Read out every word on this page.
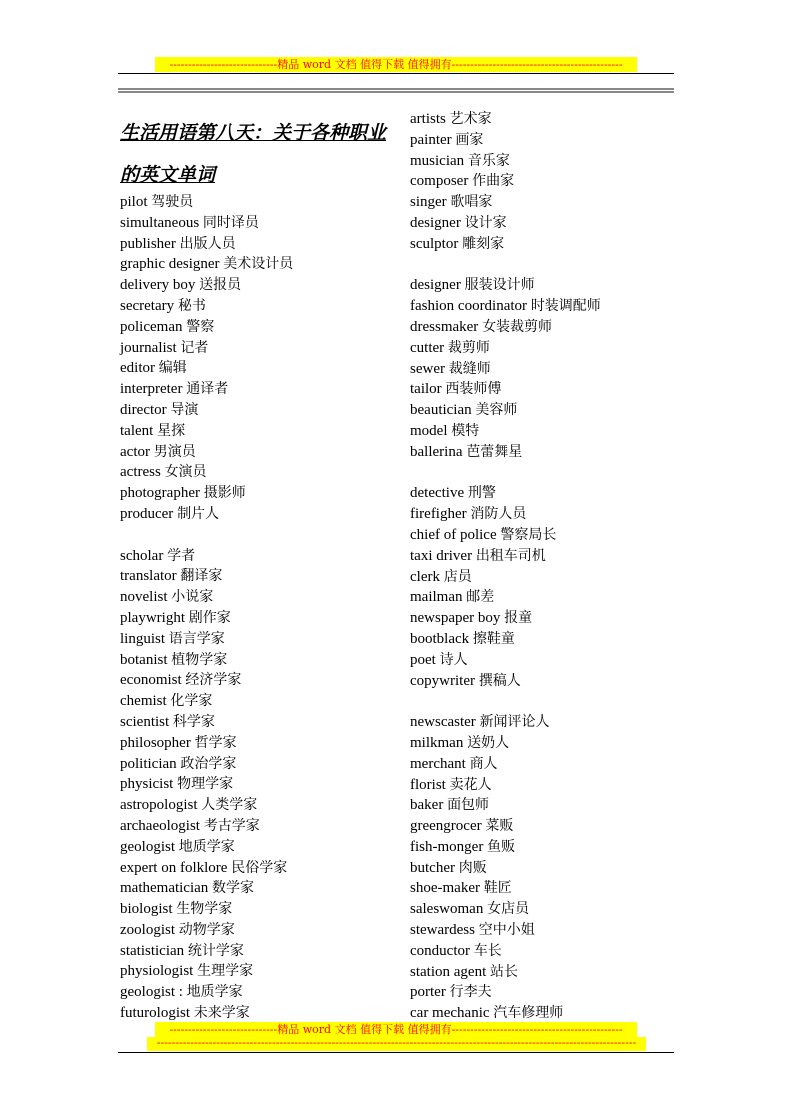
-----------------------------精品 word 文档 值得下载 值得拥有----------------------------------------------
生活用语第八天：关于各种职业
的英文单词
pilot 驾驶员
simultaneous 同时译员
publisher 出版人员
graphic designer 美术设计员
delivery boy 送报员
secretary 秘书
policeman 警察
journalist 记者
editor 编辑
interpreter 通译者
director 导演
talent 星探
actor 男演员
actress 女演员
photographer 摄影师
producer 制片人
scholar 学者
translator 翻译家
novelist 小说家
playwright 剧作家
linguist 语言学家
botanist 植物学家
economist 经济学家
chemist 化学家
scientist 科学家
philosopher 哲学家
politician 政治学家
physicist 物理学家
astropologist 人类学家
archaeologist 考古学家
geologist 地质学家
expert on folklore 民俗学家
mathematician 数学家
biologist 生物学家
zoologist 动物学家
statistician 统计学家
physiologist 生理学家
geologist : 地质学家
futurologist 未来学家
artists 艺术家
painter 画家
musician 音乐家
composer 作曲家
singer 歌唱家
designer 设计家
sculptor 雕刻家
designer 服装设计师
fashion coordinator 时装调配师
dressmaker 女装裁剪师
cutter 裁剪师
sewer 裁缝师
tailor 西装师傅
beautician 美容师
model 模特
ballerina 芭蕾舞星
detective 刑警
firefigher 消防人员
chief of police 警察局长
taxi driver 出租车司机
clerk 店员
mailman 邮差
newspaper boy 报童
bootblack 擦鞋童
poet 诗人
copywriter 撰稿人
newscaster 新闻评论人
milkman 送奶人
merchant 商人
florist 卖花人
baker 面包师
greengrocer 菜贩
fish-monger 鱼贩
butcher 肉贩
shoe-maker 鞋匠
saleswoman 女店员
stewardess 空中小姐
conductor 车长
station agent 站长
porter 行李夫
car mechanic 汽车修理师
-----------------------------精品 word 文档 值得下载 值得拥有----------------------------------------------
---------------------------------------------------------------------------------------------------------------------------------
